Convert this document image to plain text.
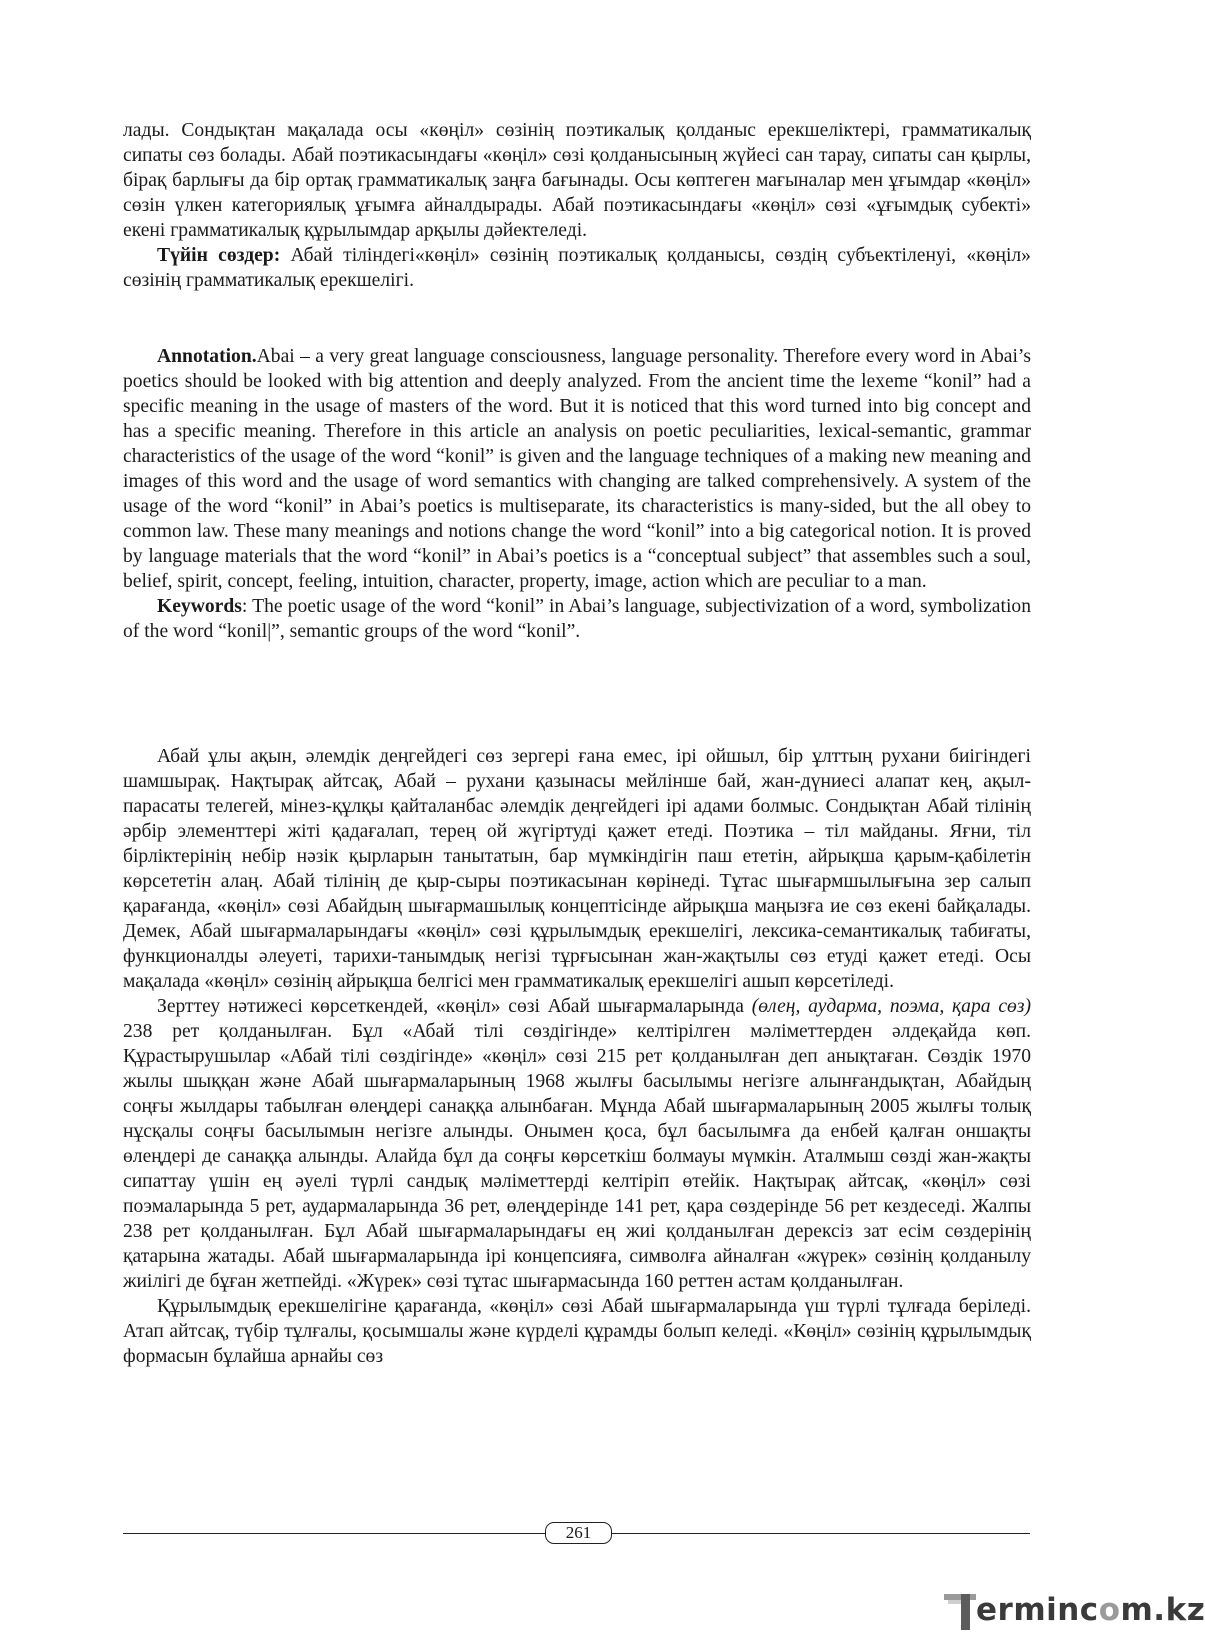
лады. Сондықтан мақалада осы «көңіл» сөзінің поэтикалық қолданыс ерекшеліктері, грамматикалық сипаты сөз болады. Абай поэтикасындағы «көңіл» сөзі қолданысының жүйесі сан тарау, сипаты сан қырлы, бірақ барлығы да бір ортақ грамматикалық заңға бағынады. Осы көптеген мағыналар мен ұғымдар «көңіл» сөзін үлкен категориялық ұғымға айналдырады. Абай поэтикасындағы «көңіл» сөзі «ұғымдық субекті» екені грамматикалық құрылымдар арқылы дәйектеледі.

Түйін сөздер: Абай тіліндегі«көңіл» сөзінің поэтикалық қолданысы, сөздің субъектіленуі, «көңіл» сөзінің грамматикалық ерекшелігі.

Annotation.Abai – a very great language consciousness, language personality. Therefore every word in Abai’s poetics should be looked with big attention and deeply analyzed. From the ancient time the lexeme “konil” had a specific meaning in the usage of masters of the word. But it is noticed that this word turned into big concept and has a specific meaning. Therefore in this article an analysis on poetic peculiarities, lexical-semantic, grammar characteristics of the usage of the word “konil” is given and the language techniques of a making new meaning and images of this word and the usage of word semantics with changing are talked comprehensively. A system of the usage of the word “konil” in Abai’s poetics is multiseparate, its characteristics is many-sided, but the all obey to common law. These many meanings and notions change the word “konil” into a big categorical notion. It is proved by language materials that the word “konil” in Abai’s poetics is a “conceptual subject” that assembles such a soul, belief, spirit, concept, feeling, intuition, character, property, image, action which are peculiar to a man.

Keywords: The poetic usage of the word “konil” in Abai’s language, subjectivization of a word, symbolization of the word “konil|”, semantic groups of the word “konil”.

Абай ұлы ақын, әлемдік деңгейдегі сөз зергері ғана емес, ірі ойшыл, бір ұлттың рухани биігіндегі шамшырақ. Нақтырақ айтсақ, Абай – рухани қазынасы мейлінше бай, жан-дүниесі алапат кең, ақыл-парасаты телегей, мінез-құлқы қайталанбас әлемдік деңгейдегі ірі адами болмыс. Сондықтан Абай тілінің әрбір элементтері жіті қадағалап, терең ой жүгіртуді қажет етеді. Поэтика – тіл майданы. Яғни, тіл бірліктерінің небір нәзік қырларын танытатын, бар мүмкіндігін паш ететін, айрықша қарым-қабілетін көрсететін алаң. Абай тілінің де қыр-сыры поэтикасынан көрінеді. Тұтас шығармшылығына зер салып қарағанда, «көңіл» сөзі Абайдың шығармашылық концептісінде айрықша маңызға ие сөз екені байқалады. Демек, Абай шығармаларындағы «көңіл» сөзі құрылымдық ерекшелігі, лексика-семантикалық табиғаты, функционалды әлеуеті, тарихи-танымдық негізі тұрғысынан жан-жақтылы сөз етуді қажет етеді. Осы мақалада «көңіл» сөзінің айрықша белгісі мен грамматикалық ерекшелігі ашып көрсетіледі.

Зерттеу нәтижесі көрсеткендей, «көңіл» сөзі Абай шығармаларында (өлең, аударма, поэма, қара сөз) 238 рет қолданылған. Бұл «Абай тілі сөздігінде» келтірілген мәліметтерден әлдеқайда көп. Құрастырушылар «Абай тілі сөздігінде» «көңіл» сөзі 215 рет қолданылған деп анықтаған. Сөздік 1970 жылы шыққан және Абай шығармаларының 1968 жылғы басылымы негізге алынғандықтан, Абайдың соңғы жылдары табылған өлеңдері санаққа алынбаған. Мұнда Абай шығармаларының 2005 жылғы толық нұсқалы соңғы басылымын негізге алынды. Онымен қоса, бұл басылымға да енбей қалған оншақты өлеңдері де санаққа алынды. Алайда бұл да соңғы көрсеткіш болмауы мүмкін. Аталмыш сөзді жан-жақты сипаттау үшін ең әуелі түрлі сандық мәліметтерді келтіріп өтейік. Нақтырақ айтсақ, «көңіл» сөзі поэмаларында 5 рет, аудармаларында 36 рет, өлеңдерінде 141 рет, қара сөздерінде 56 рет кездеседі. Жалпы 238 рет қолданылған. Бұл Абай шығармаларындағы ең жиі қолданылған дерексіз зат есім сөздерінің қатарына жатады. Абай шығармаларында ірі концепсияға, символға айналған «жүрек» сөзінің қолданылу жиілігі де бұған жетпейді. «Жүрек» сөзі тұтас шығармасында 160 реттен астам қолданылған.

Құрылымдық ерекшелігіне қарағанда, «көңіл» сөзі Абай шығармаларында үш түрлі тұлғада беріледі. Атап айтсақ, түбір тұлғалы, қосымшалы және күрделі құрамды болып келеді. «Көңіл» сөзінің құрылымдық формасын бұлайша арнайы сөз

261
erminc o m.kz
